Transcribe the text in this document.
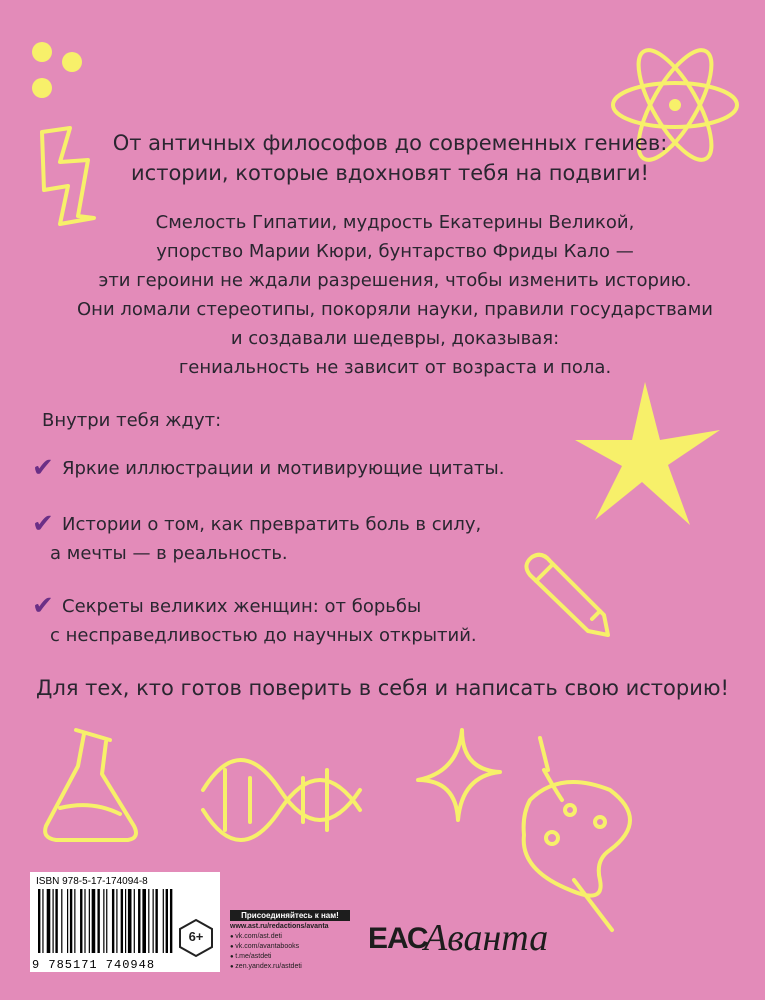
От античных философов до современных гениев:
истории, которые вдохновят тебя на подвиги!
Смелость Гипатии, мудрость Екатерины Великой,
упорство Марии Кюри, бунтарство Фриды Кало —
эти героини не ждали разрешения, чтобы изменить историю.
Они ломали стереотипы, покоряли науки, правили государствами
и создавали шедевры, доказывая:
гениальность не зависит от возраста и пола.
Внутри тебя ждут:
✔ Яркие иллюстрации и мотивирующие цитаты.
✔ Истории о том, как превратить боль в силу,
а мечты — в реальность.
✔ Секреты великих женщин: от борьбы
с несправедливостью до научных открытий.
Для тех, кто готов поверить в себя и написать свою историю!
ISBN 978-5-17-174094-8
9 785171 740948
6+
Присоединяйтесь к нам!
www.ast.ru/redactions/avanta
● vk.com/ast.deti
● vk.com/avantabooks
● t.me/astdeti
● zen.yandex.ru/astdeti
ЕАС
Аванта
